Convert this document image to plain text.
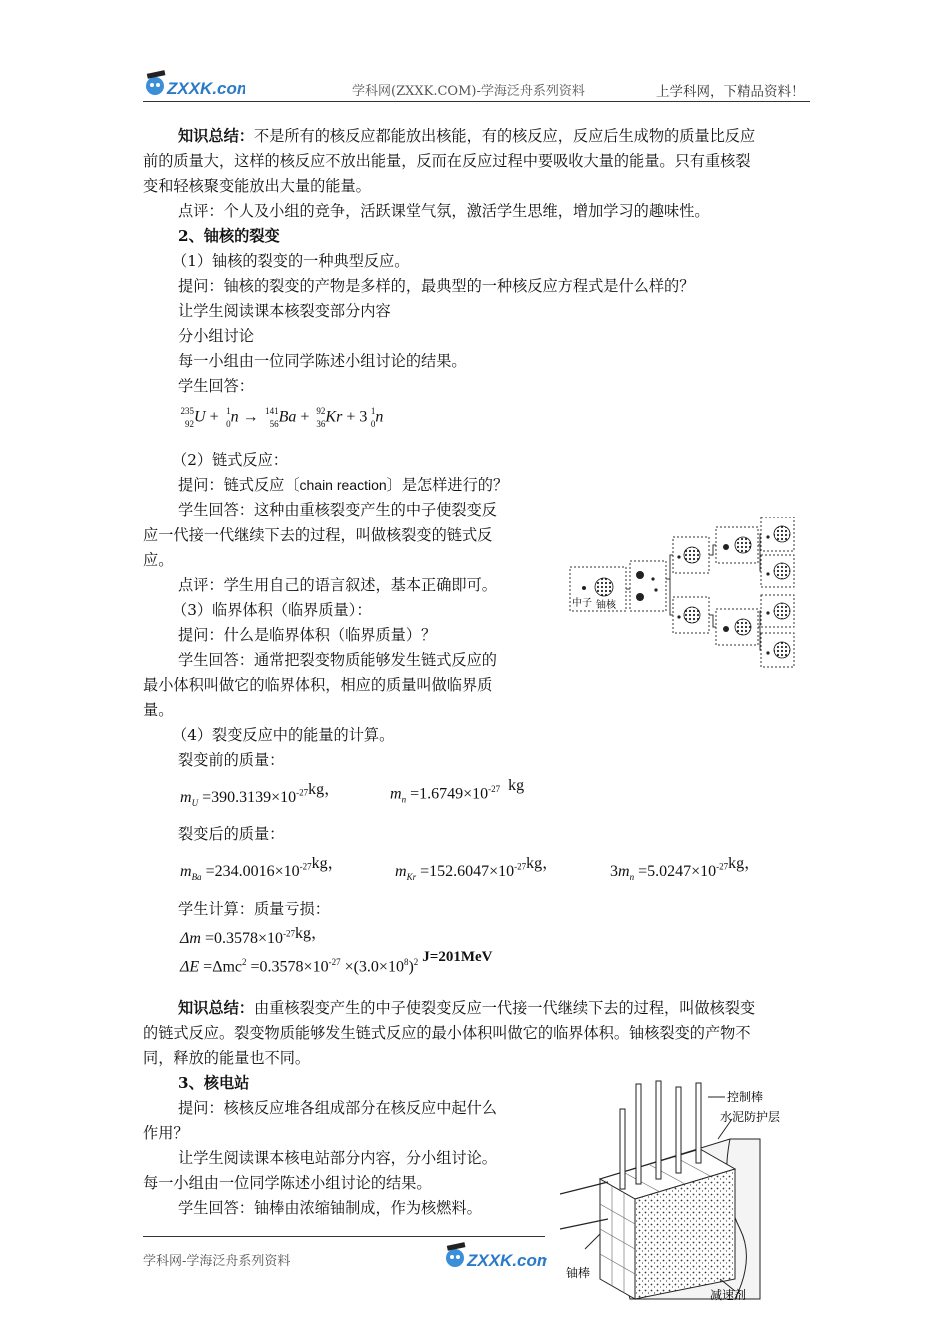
ZXXK.com	学科网(ZXXK.COM)-学海泛舟系列资料	上学科网，下精品资料！
知识总结：不是所有的核反应都能放出核能，有的核反应，反应后生成物的质量比反应
前的质量大，这样的核反应不放出能量，反而在反应过程中要吸收大量的能量。只有重核裂
变和轻核聚变能放出大量的能量。
点评：个人及小组的竞争，活跃课堂气氛，激活学生思维，增加学习的趣味性。
2、铀核的裂变
（1）铀核的裂变的一种典型反应。
提问：铀核的裂变的产物是多样的，最典型的一种核反应方程式是什么样的？
让学生阅读课本核裂变部分内容
分小组讨论
每一小组由一位同学陈述小组讨论的结果。
学生回答：
235
92 U + 1
0 n → 141
56 Ba + 92
36 Kr + 3 1
0 n
（2）链式反应：
提问：链式反应〔chain reaction〕是怎样进行的？
学生回答：这种由重核裂变产生的中子使裂变反
应一代接一代继续下去的过程，叫做核裂变的链式反
应。
点评：学生用自己的语言叙述，基本正确即可。
（3）临界体积（临界质量）：
提问：什么是临界体积（临界质量）？
学生回答：通常把裂变物质能够发生链式反应的
最小体积叫做它的临界体积，相应的质量叫做临界质
量。
（4）裂变反应中的能量的计算。
裂变前的质量：
$m_U =390.3139\times 10^{-27}kg$，	$m_n =1.6749\times 10^{-27}$ kg
裂变后的质量：
$m_{Ba} =234.0016\times 10^{-27}kg$，	$m_{Kr} =152.6047\times 10^{-27}kg$，	$3m_n =5.0247\times 10^{-27}kg$，
学生计算：质量亏损：
$\Delta m =0.3578\times 10^{-27}kg$，
$\Delta E =\Delta mc^2 =0.3578\times 10^{-27} \times(3.0\times 10^8)^2$ J=201MeV
知识总结：由重核裂变产生的中子使裂变反应一代接一代继续下去的过程，叫做核裂变
的链式反应。裂变物质能够发生链式反应的最小体积叫做它的临界体积。铀核裂变的产物不
同，释放的能量也不同。
3、核电站
提问：核核反应堆各组成部分在核反应中起什么
作用？
让学生阅读课本核电站部分内容，分小组讨论。
每一小组由一位同学陈述小组讨论的结果。
学生回答：铀棒由浓缩铀制成，作为核燃料。
中子 铀核
控制棒
水泥防护层
铀棒
减速剂
学科网-学海泛舟系列资料	ZXXK.com
